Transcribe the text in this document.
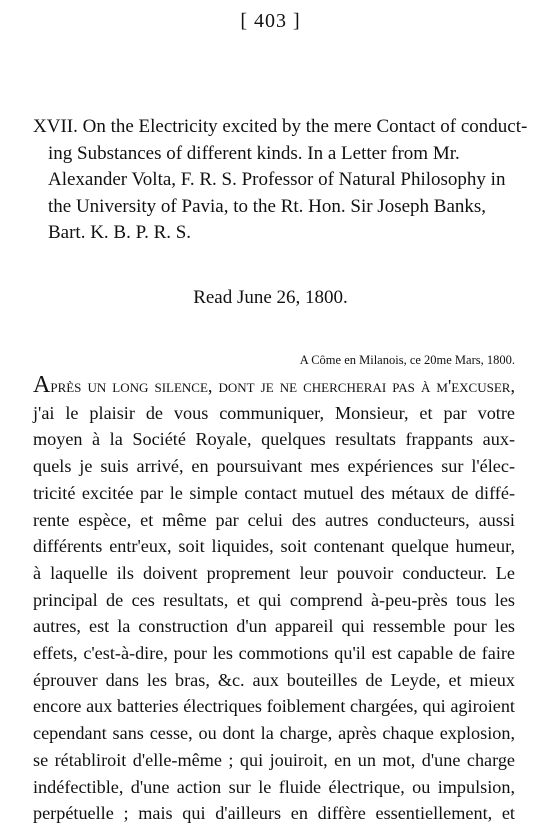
[ 403 ]
XVII. On the Electricity excited by the mere Contact of conduct-
ing Substances of different kinds. In a Letter from Mr.
Alexander Volta, F. R. S. Professor of Natural Philosophy in
the University of Pavia, to the Rt. Hon. Sir Joseph Banks,
Bart. K. B. P. R. S.
Read June 26, 1800.
A Côme en Milanois, ce 20me Mars, 1800.
Après un long silence, dont je ne chercherai pas à m'excuser,
j'ai le plaisir de vous communiquer, Monsieur, et par votre
moyen à la Société Royale, quelques resultats frappants aux-
quels je suis arrivé, en poursuivant mes expériences sur l'élec-
tricité excitée par le simple contact mutuel des métaux de diffé-
rente espèce, et même par celui des autres conducteurs, aussi
différents entr'eux, soit liquides, soit contenant quelque humeur,
à laquelle ils doivent proprement leur pouvoir conducteur. Le
principal de ces resultats, et qui comprend à-peu-près tous les
autres, est la construction d'un appareil qui ressemble pour les
effets, c'est-à-dire, pour les commotions qu'il est capable de faire
éprouver dans les bras, &c. aux bouteilles de Leyde, et mieux
encore aux batteries électriques foiblement chargées, qui agiroient
cependant sans cesse, ou dont la charge, après chaque explosion,
se rétabliroit d'elle-même ; qui jouiroit, en un mot, d'une charge
indéfectible, d'une action sur le fluide électrique, ou impulsion,
perpétuelle ; mais qui d'ailleurs en diffère essentiellement, et
